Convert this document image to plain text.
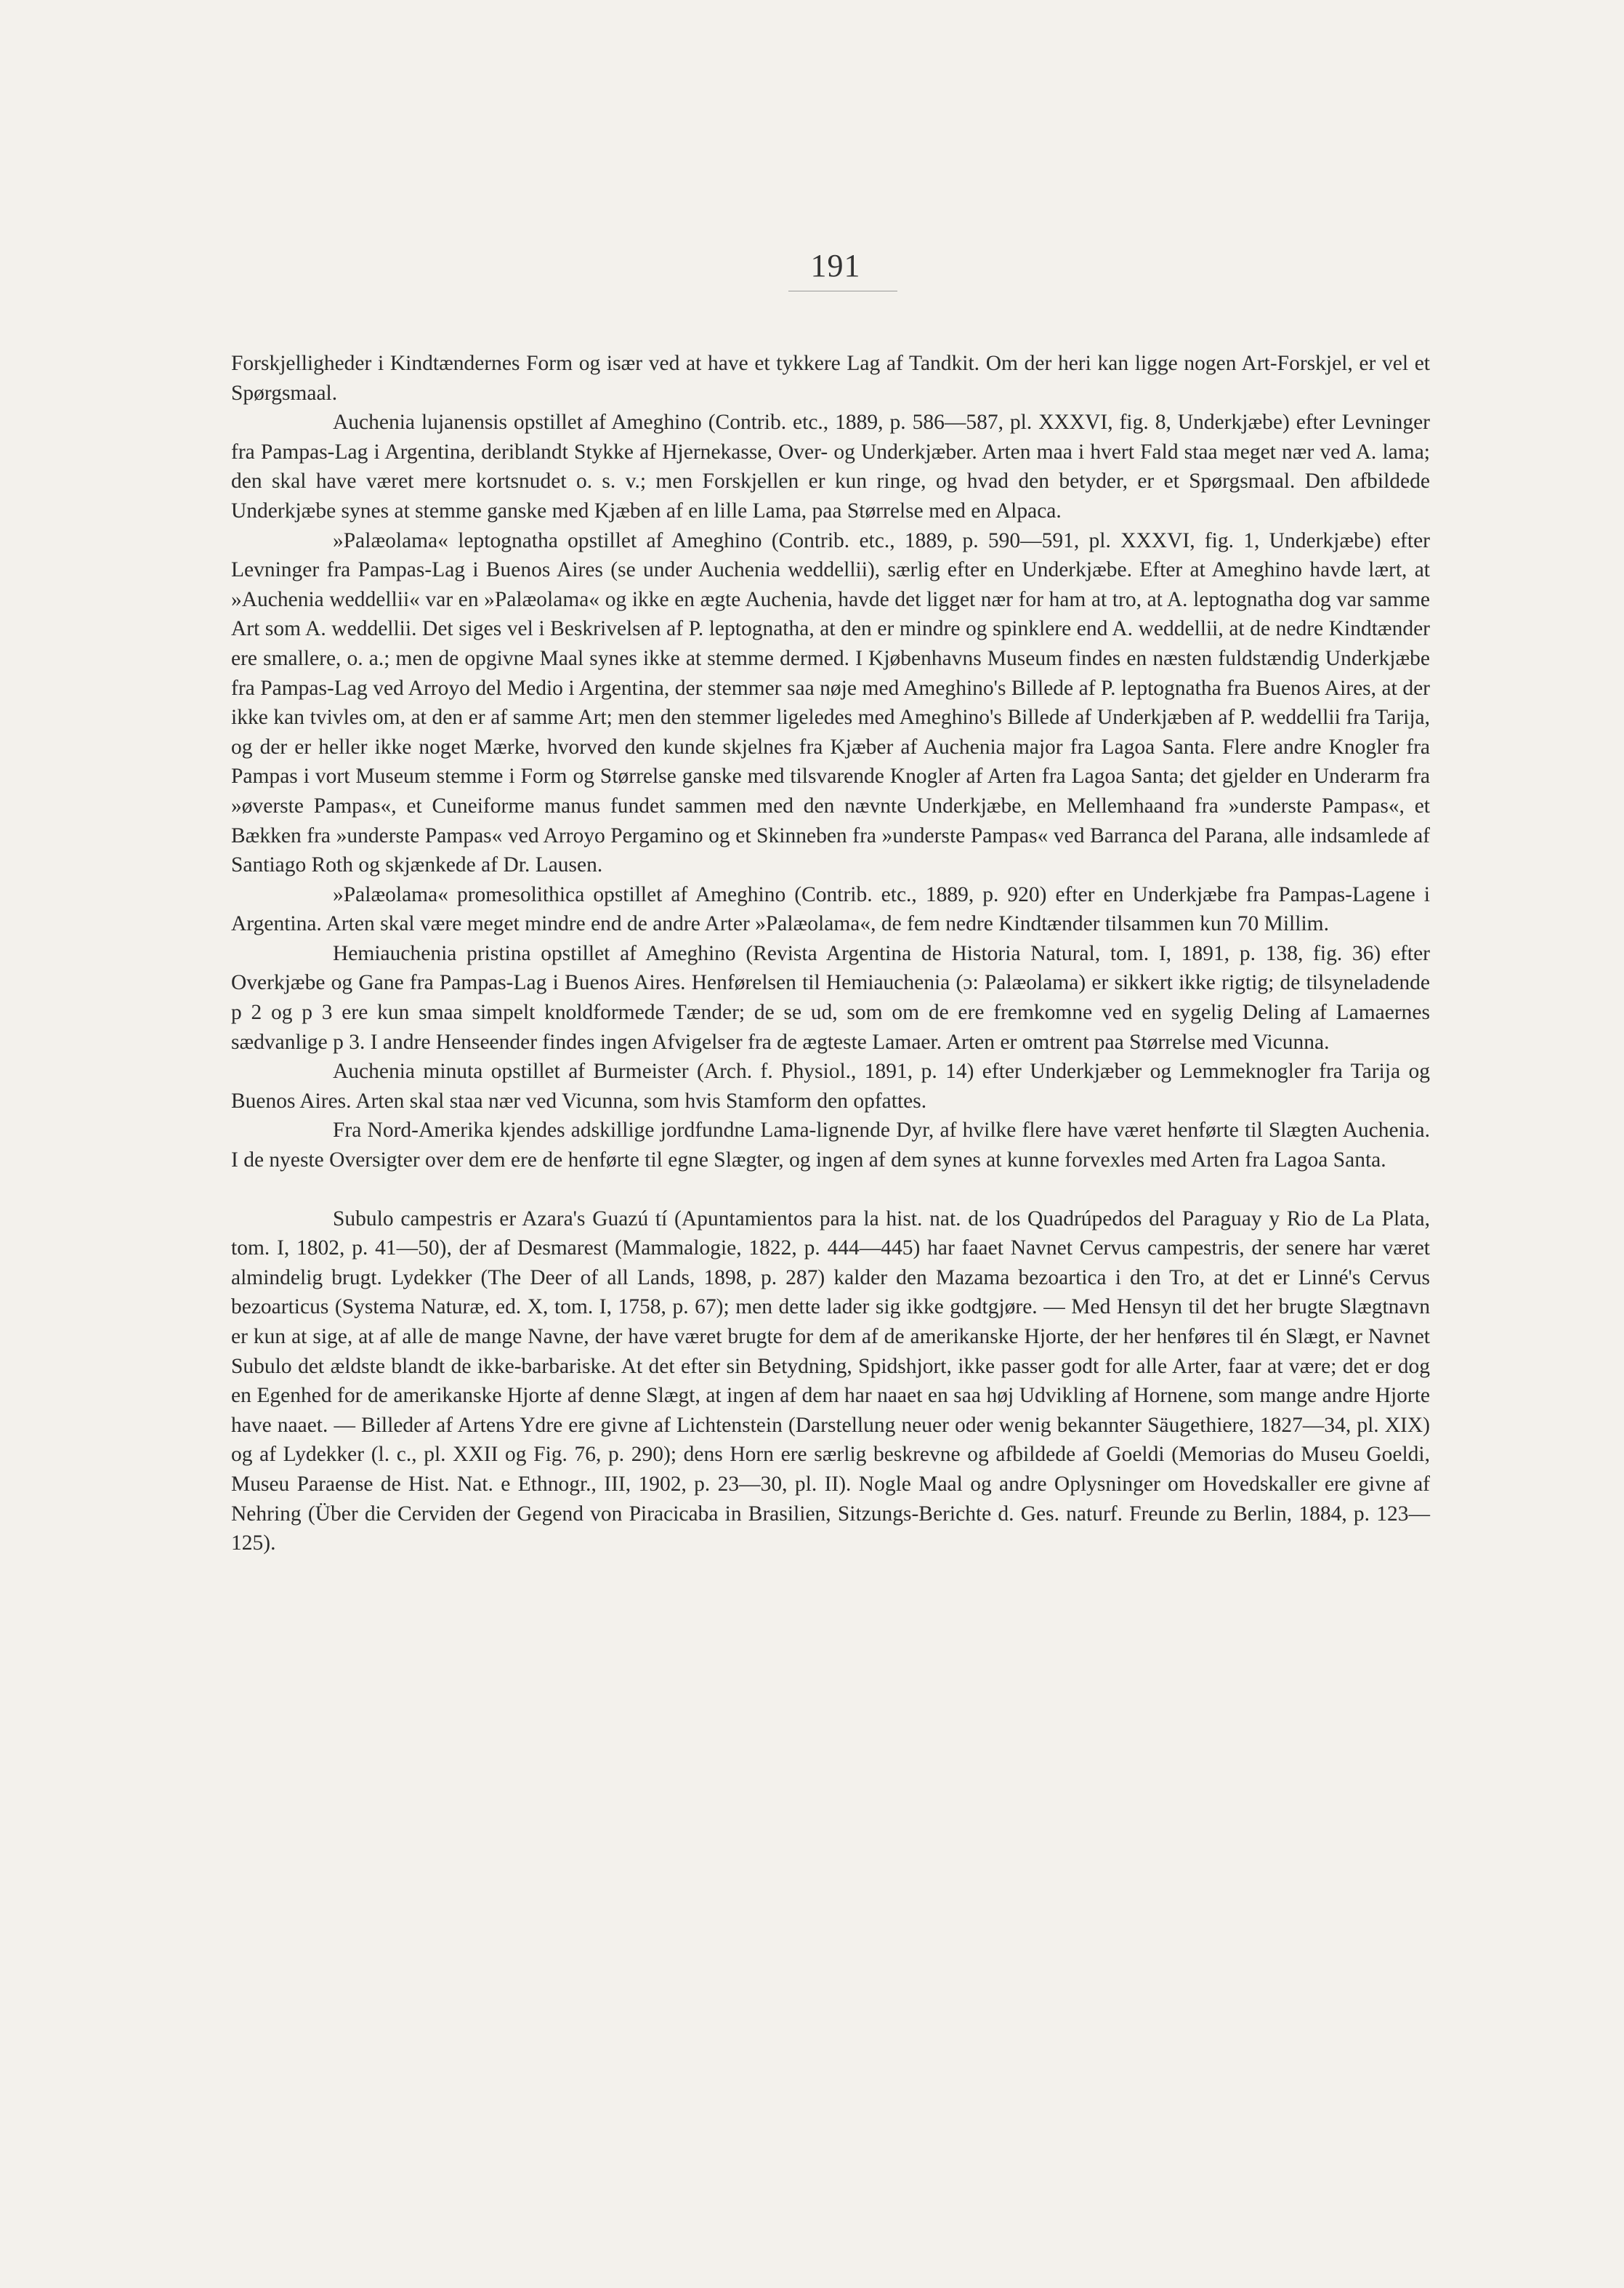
191

Forskjelligheder i Kindtændernes Form og især ved at have et tykkere Lag af Tandkit. Om der heri kan ligge nogen Art-Forskjel, er vel et Spørgsmaal.

Auchenia lujanensis opstillet af Ameghino (Contrib. etc., 1889, p. 586—587, pl. XXXVI, fig. 8, Underkjæbe) efter Levninger fra Pampas-Lag i Argentina, deriblandt Stykke af Hjernekasse, Over- og Underkjæber. Arten maa i hvert Fald staa meget nær ved A. lama; den skal have været mere kortsnudet o. s. v.; men Forskjellen er kun ringe, og hvad den betyder, er et Spørgsmaal. Den afbildede Underkjæbe synes at stemme ganske med Kjæben af en lille Lama, paa Størrelse med en Alpaca.

»Palæolama« leptognatha opstillet af Ameghino (Contrib. etc., 1889, p. 590—591, pl. XXXVI, fig. 1, Underkjæbe) efter Levninger fra Pampas-Lag i Buenos Aires (se under Auchenia weddellii), særlig efter en Underkjæbe. Efter at Ameghino havde lært, at »Auchenia weddellii« var en »Palæolama« og ikke en ægte Auchenia, havde det ligget nær for ham at tro, at A. leptognatha dog var samme Art som A. weddellii. Det siges vel i Beskrivelsen af P. leptognatha, at den er mindre og spinklere end A. weddellii, at de nedre Kindtænder ere smallere, o. a.; men de opgivne Maal synes ikke at stemme dermed. I Kjøbenhavns Museum findes en næsten fuldstændig Underkjæbe fra Pampas-Lag ved Arroyo del Medio i Argentina, der stemmer saa nøje med Ameghino's Billede af P. leptognatha fra Buenos Aires, at der ikke kan tvivles om, at den er af samme Art; men den stemmer ligeledes med Ameghino's Billede af Underkjæben af P. weddellii fra Tarija, og der er heller ikke noget Mærke, hvorved den kunde skjelnes fra Kjæber af Auchenia major fra Lagoa Santa. Flere andre Knogler fra Pampas i vort Museum stemme i Form og Størrelse ganske med tilsvarende Knogler af Arten fra Lagoa Santa; det gjelder en Underarm fra »øverste Pampas«, et Cuneiforme manus fundet sammen med den nævnte Underkjæbe, en Mellemhaand fra »underste Pampas«, et Bækken fra »underste Pampas« ved Arroyo Pergamino og et Skinneben fra »underste Pampas« ved Barranca del Parana, alle indsamlede af Santiago Roth og skjænkede af Dr. Lausen.

»Palæolama« promesolithica opstillet af Ameghino (Contrib. etc., 1889, p. 920) efter en Underkjæbe fra Pampas-Lagene i Argentina. Arten skal være meget mindre end de andre Arter »Palæolama«, de fem nedre Kindtænder tilsammen kun 70 Millim.

Hemiauchenia pristina opstillet af Ameghino (Revista Argentina de Historia Natural, tom. I, 1891, p. 138, fig. 36) efter Overkjæbe og Gane fra Pampas-Lag i Buenos Aires. Henførelsen til Hemiauchenia (ɔ: Palæolama) er sikkert ikke rigtig; de tilsyneladende p 2 og p 3 ere kun smaa simpelt knoldformede Tænder; de se ud, som om de ere fremkomne ved en sygelig Deling af Lamaernes sædvanlige p 3. I andre Henseender findes ingen Afvigelser fra de ægteste Lamaer. Arten er omtrent paa Størrelse med Vicunna.

Auchenia minuta opstillet af Burmeister (Arch. f. Physiol., 1891, p. 14) efter Underkjæber og Lemmeknogler fra Tarija og Buenos Aires. Arten skal staa nær ved Vicunna, som hvis Stamform den opfattes.

Fra Nord-Amerika kjendes adskillige jordfundne Lama-lignende Dyr, af hvilke flere have været henførte til Slægten Auchenia. I de nyeste Oversigter over dem ere de henførte til egne Slægter, og ingen af dem synes at kunne forvexles med Arten fra Lagoa Santa.

Subulo campestris er Azara's Guazú tí (Apuntamientos para la hist. nat. de los Quadrúpedos del Paraguay y Rio de La Plata, tom. I, 1802, p. 41—50), der af Desmarest (Mammalogie, 1822, p. 444—445) har faaet Navnet Cervus campestris, der senere har været almindelig brugt. Lydekker (The Deer of all Lands, 1898, p. 287) kalder den Mazama bezoartica i den Tro, at det er Linné's Cervus bezoarticus (Systema Naturæ, ed. X, tom. I, 1758, p. 67); men dette lader sig ikke godtgjøre. — Med Hensyn til det her brugte Slægtnavn er kun at sige, at af alle de mange Navne, der have været brugte for dem af de amerikanske Hjorte, der her henføres til én Slægt, er Navnet Subulo det ældste blandt de ikke-barbariske. At det efter sin Betydning, Spidshjort, ikke passer godt for alle Arter, faar at være; det er dog en Egenhed for de amerikanske Hjorte af denne Slægt, at ingen af dem har naaet en saa høj Udvikling af Hornene, som mange andre Hjorte have naaet. — Billeder af Artens Ydre ere givne af Lichtenstein (Darstellung neuer oder wenig bekannter Säugethiere, 1827—34, pl. XIX) og af Lydekker (l. c., pl. XXII og Fig. 76, p. 290); dens Horn ere særlig beskrevne og afbildede af Goeldi (Memorias do Museu Goeldi, Museu Paraense de Hist. Nat. e Ethnogr., III, 1902, p. 23—30, pl. II). Nogle Maal og andre Oplysninger om Hovedskaller ere givne af Nehring (Über die Cerviden der Gegend von Piracicaba in Brasilien, Sitzungs-Berichte d. Ges. naturf. Freunde zu Berlin, 1884, p. 123—125).
